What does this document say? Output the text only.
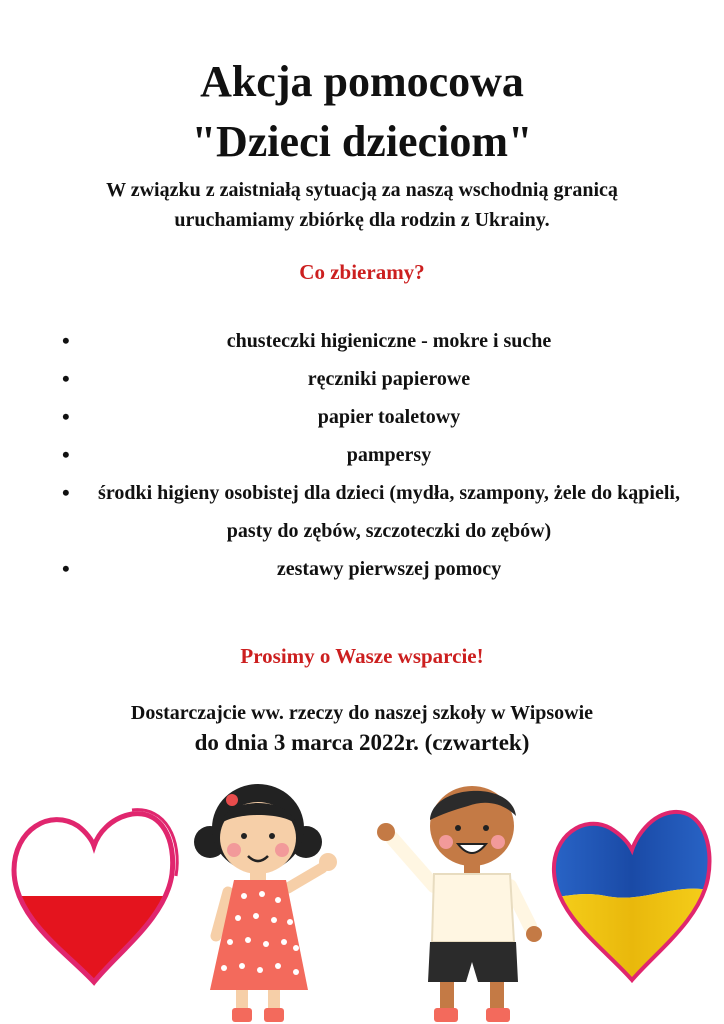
Akcja pomocowa
"Dzieci dzieciom"

W związku z zaistniałą sytuacją za naszą wschodnią granicą
uruchamiamy zbiórkę dla rodzin z Ukrainy.

Co zbieramy?
•	chusteczki higieniczne - mokre i suche
•	ręczniki papierowe
•	papier toaletowy
•	pampersy
• środki higieny osobistej dla dzieci (mydła, szampony, żele do kąpieli, pasty do zębów, szczoteczki do zębów)
•	zestawy pierwszej pomocy
Prosimy o Wasze wsparcie!

Dostarczajcie ww. rzeczy do naszej szkoły w Wipsowie

do dnia 3 marca 2022r. (czwartek)
